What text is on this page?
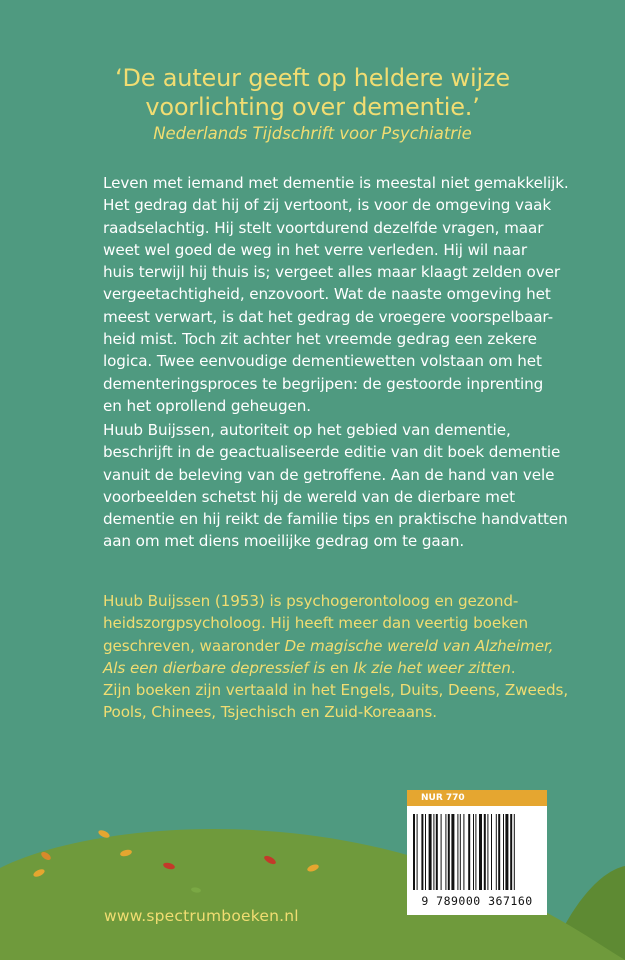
‘De auteur geeft op heldere wijze
voorlichting over dementie.’
Nederlands Tijdschrift voor Psychiatrie
Leven met iemand met dementie is meestal niet gemakkelijk.
Het gedrag dat hij of zij vertoont, is voor de omgeving vaak
raadselachtig. Hij stelt voortdurend dezelfde vragen, maar
weet wel goed de weg in het verre verleden. Hij wil naar
huis terwijl hij thuis is; vergeet alles maar klaagt zelden over
vergeetachtigheid, enzovoort. Wat de naaste omgeving het
meest verwart, is dat het gedrag de vroegere voorspelbaar-
heid mist. Toch zit achter het vreemde gedrag een zekere
logica. Twee eenvoudige dementiewetten volstaan om het
dementeringsproces te begrijpen: de gestoorde inprenting
en het oprollend geheugen.
Huub Buijssen, autoriteit op het gebied van dementie,
beschrijft in de geactualiseerde editie van dit boek dementie
vanuit de beleving van de getroffene. Aan de hand van vele
voorbeelden schetst hij de wereld van de dierbare met
dementie en hij reikt de familie tips en praktische handvatten
aan om met diens moeilijke gedrag om te gaan.
Huub Buijssen (1953) is psychogerontoloog en gezond-
heidszorgpsycholoog. Hij heeft meer dan veertig boeken
geschreven, waaronder De magische wereld van Alzheimer,
Als een dierbare depressief is en Ik zie het weer zitten.
Zijn boeken zijn vertaald in het Engels, Duits, Deens, Zweeds,
Pools, Chinees, Tsjechisch en Zuid-Koreaans.
www.spectrumboeken.nl
NUR 770
9 789000 367160
